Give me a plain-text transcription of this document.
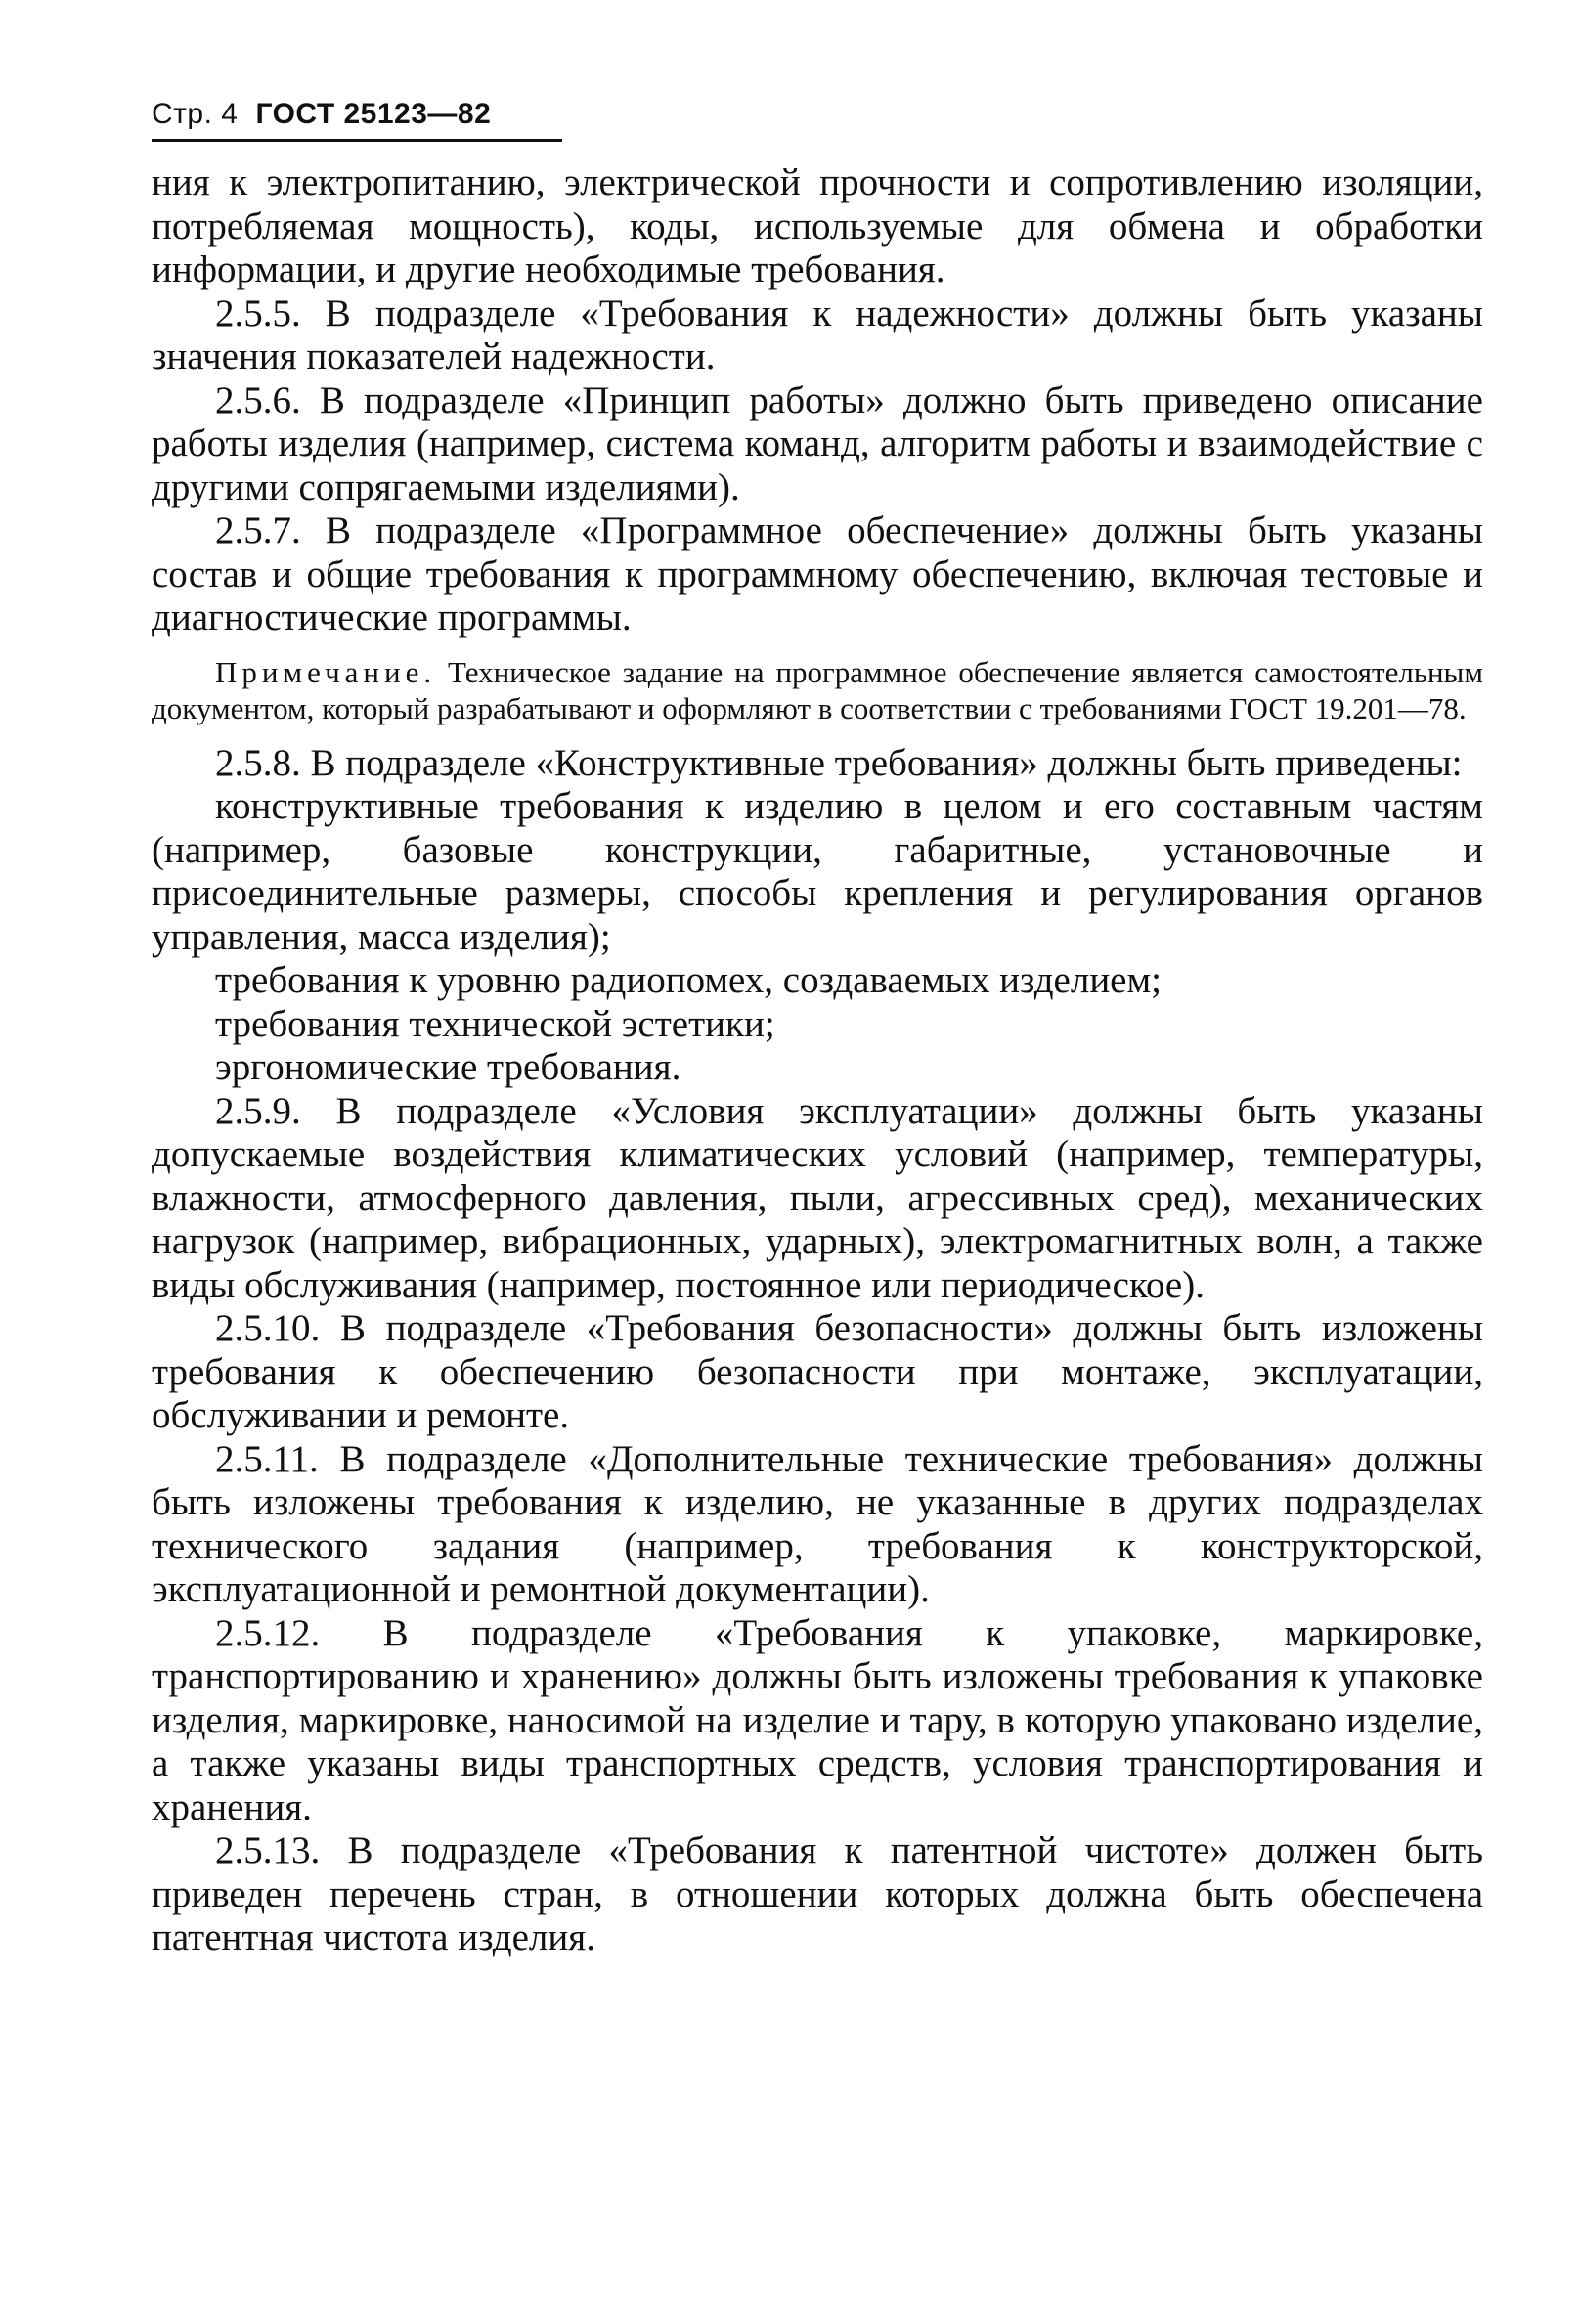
Стр. 4 ГОСТ 25123—82

ния к электропитанию, электрической прочности и сопротивлению изоляции, потребляемая мощность), коды, используемые для обмена и обработки информации, и другие необходимые требования.

2.5.5. В подразделе «Требования к надежности» должны быть указаны значения показателей надежности.

2.5.6. В подразделе «Принцип работы» должно быть приведено описание работы изделия (например, система команд, алгоритм работы и взаимодействие с другими сопрягаемыми изделиями).

2.5.7. В подразделе «Программное обеспечение» должны быть указаны состав и общие требования к программному обеспечению, включая тестовые и диагностические программы.

Примечание. Техническое задание на программное обеспечение является самостоятельным документом, который разрабатывают и оформляют в соответствии с требованиями ГОСТ 19.201—78.

2.5.8. В подразделе «Конструктивные требования» должны быть приведены:

конструктивные требования к изделию в целом и его составным частям (например, базовые конструкции, габаритные, установочные и присоединительные размеры, способы крепления и регулирования органов управления, масса изделия);

требования к уровню радиопомех, создаваемых изделием;

требования технической эстетики;

эргономические требования.

2.5.9. В подразделе «Условия эксплуатации» должны быть указаны допускаемые воздействия климатических условий (например, температуры, влажности, атмосферного давления, пыли, агрессивных сред), механических нагрузок (например, вибрационных, ударных), электромагнитных волн, а также виды обслуживания (например, постоянное или периодическое).

2.5.10. В подразделе «Требования безопасности» должны быть изложены требования к обеспечению безопасности при монтаже, эксплуатации, обслуживании и ремонте.

2.5.11. В подразделе «Дополнительные технические требования» должны быть изложены требования к изделию, не указанные в других подразделах технического задания (например, требования к конструкторской, эксплуатационной и ремонтной документации).

2.5.12. В подразделе «Требования к упаковке, маркировке, транспортированию и хранению» должны быть изложены требования к упаковке изделия, маркировке, наносимой на изделие и тару, в которую упаковано изделие, а также указаны виды транспортных средств, условия транспортирования и хранения.

2.5.13. В подразделе «Требования к патентной чистоте» должен быть приведен перечень стран, в отношении которых должна быть обеспечена патентная чистота изделия.
